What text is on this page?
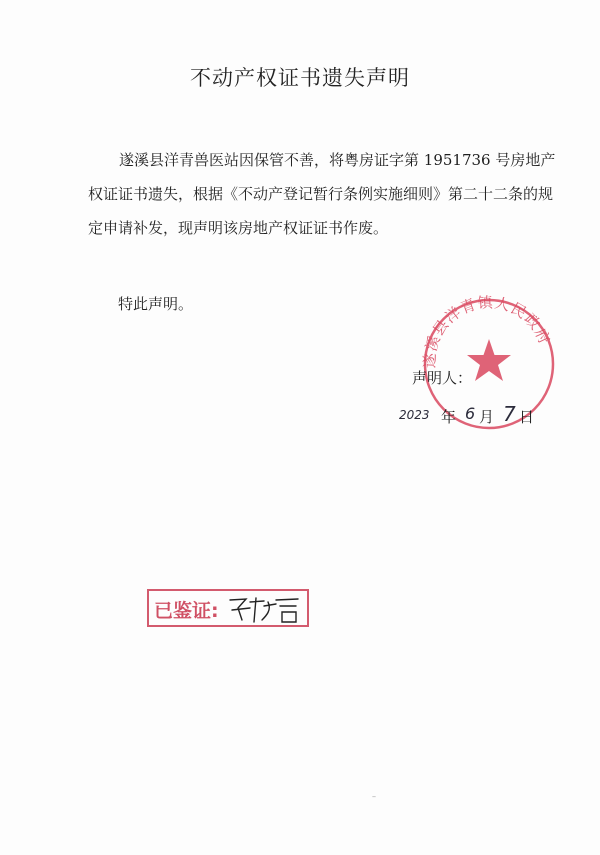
不动产权证书遗失声明

遂溪县洋青兽医站因保管不善，将粤房证字第 1951736 号房地产权证证书遗失，根据《不动产登记暂行条例实施细则》第二十二条的规定申请补发，现声明该房地产权证证书作废。

特此声明。
遂溪县洋青镇人民政府
声明人：
2023 年 6 月 7 日
已鉴证:
–
